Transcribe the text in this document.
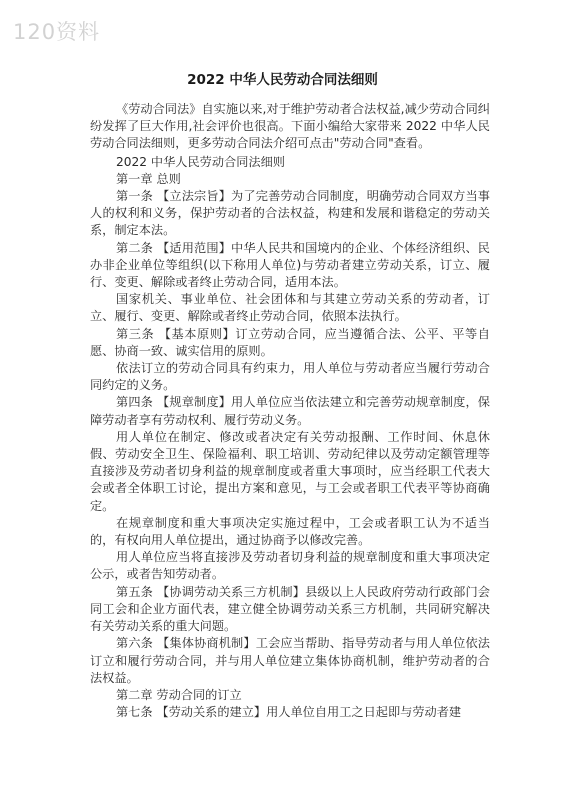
120资料
2022 中华人民劳动合同法细则

《劳动合同法》自实施以来,对于维护劳动者合法权益,减少劳动合同纠纷发挥了巨大作用,社会评价也很高。下面小编给大家带来 2022 中华人民劳动合同法细则，更多劳动合同法介绍可点击"劳动合同"查看。

2022 中华人民劳动合同法细则

第一章 总则

第一条 【立法宗旨】为了完善劳动合同制度，明确劳动合同双方当事人的权利和义务，保护劳动者的合法权益，构建和发展和谐稳定的劳动关系，制定本法。

第二条 【适用范围】中华人民共和国境内的企业、个体经济组织、民办非企业单位等组织(以下称用人单位)与劳动者建立劳动关系，订立、履行、变更、解除或者终止劳动合同，适用本法。

国家机关、事业单位、社会团体和与其建立劳动关系的劳动者，订立、履行、变更、解除或者终止劳动合同，依照本法执行。

第三条 【基本原则】订立劳动合同，应当遵循合法、公平、平等自愿、协商一致、诚实信用的原则。

依法订立的劳动合同具有约束力，用人单位与劳动者应当履行劳动合同约定的义务。

第四条 【规章制度】用人单位应当依法建立和完善劳动规章制度，保障劳动者享有劳动权利、履行劳动义务。

用人单位在制定、修改或者决定有关劳动报酬、工作时间、休息休假、劳动安全卫生、保险福利、职工培训、劳动纪律以及劳动定额管理等直接涉及劳动者切身利益的规章制度或者重大事项时，应当经职工代表大会或者全体职工讨论，提出方案和意见，与工会或者职工代表平等协商确定。

在规章制度和重大事项决定实施过程中，工会或者职工认为不适当的，有权向用人单位提出，通过协商予以修改完善。

用人单位应当将直接涉及劳动者切身利益的规章制度和重大事项决定公示，或者告知劳动者。

第五条 【协调劳动关系三方机制】县级以上人民政府劳动行政部门会同工会和企业方面代表，建立健全协调劳动关系三方机制，共同研究解决有关劳动关系的重大问题。

第六条 【集体协商机制】工会应当帮助、指导劳动者与用人单位依法订立和履行劳动合同，并与用人单位建立集体协商机制，维护劳动者的合法权益。

第二章 劳动合同的订立

第七条 【劳动关系的建立】用人单位自用工之日起即与劳动者建
